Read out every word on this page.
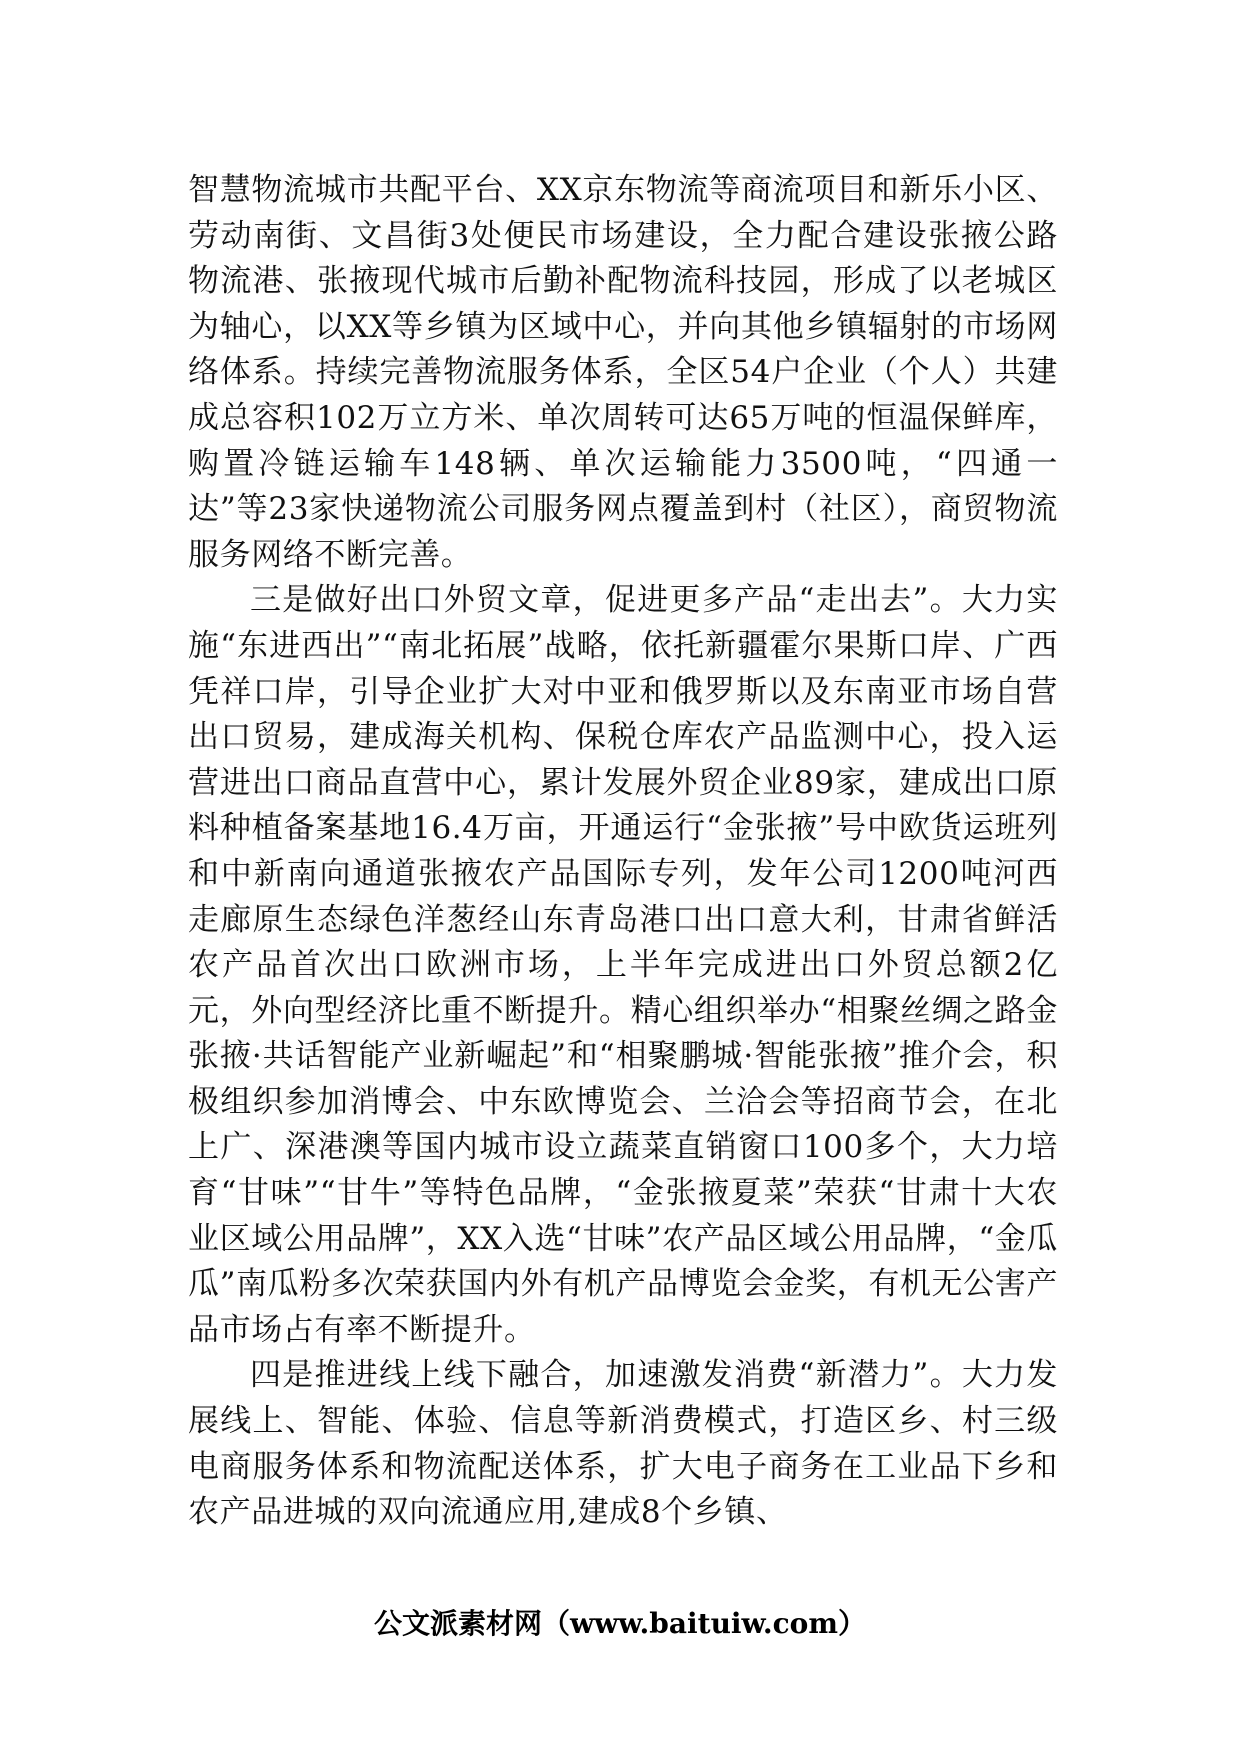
智慧物流城市共配平台、XX京东物流等商流项目和新乐小区、劳动南街、文昌街3处便民市场建设，全力配合建设张掖公路物流港、张掖现代城市后勤补配物流科技园，形成了以老城区为轴心，以XX等乡镇为区域中心，并向其他乡镇辐射的市场网络体系。持续完善物流服务体系，全区54户企业（个人）共建成总容积102万立方米、单次周转可达65万吨的恒温保鲜库，购置冷链运输车148辆、单次运输能力3500吨，“四通一达”等23家快递物流公司服务网点覆盖到村（社区），商贸物流服务网络不断完善。

三是做好出口外贸文章，促进更多产品“走出去”。大力实施“东进西出”“南北拓展”战略，依托新疆霍尔果斯口岸、广西凭祥口岸，引导企业扩大对中亚和俄罗斯以及东南亚市场自营出口贸易，建成海关机构、保税仓库农产品监测中心，投入运营进出口商品直营中心，累计发展外贸企业89家，建成出口原料种植备案基地16.4万亩，开通运行“金张掖”号中欧货运班列和中新南向通道张掖农产品国际专列，发年公司1200吨河西走廊原生态绿色洋葱经山东青岛港口出口意大利，甘肃省鲜活农产品首次出口欧洲市场，上半年完成进出口外贸总额2亿元，外向型经济比重不断提升。精心组织举办“相聚丝绸之路金张掖·共话智能产业新崛起”和“相聚鹏城·智能张掖”推介会，积极组织参加消博会、中东欧博览会、兰洽会等招商节会，在北上广、深港澳等国内城市设立蔬菜直销窗口100多个，大力培育“甘味”“甘牛”等特色品牌，“金张掖夏菜”荣获“甘肃十大农业区域公用品牌”，XX入选“甘味”农产品区域公用品牌，“金瓜瓜”南瓜粉多次荣获国内外有机产品博览会金奖，有机无公害产品市场占有率不断提升。

四是推进线上线下融合，加速激发消费“新潜力”。大力发展线上、智能、体验、信息等新消费模式，打造区乡、村三级电商服务体系和物流配送体系，扩大电子商务在工业品下乡和农产品进城的双向流通应用,建成8个乡镇、

公文派素材网（www.baituiw.com）
